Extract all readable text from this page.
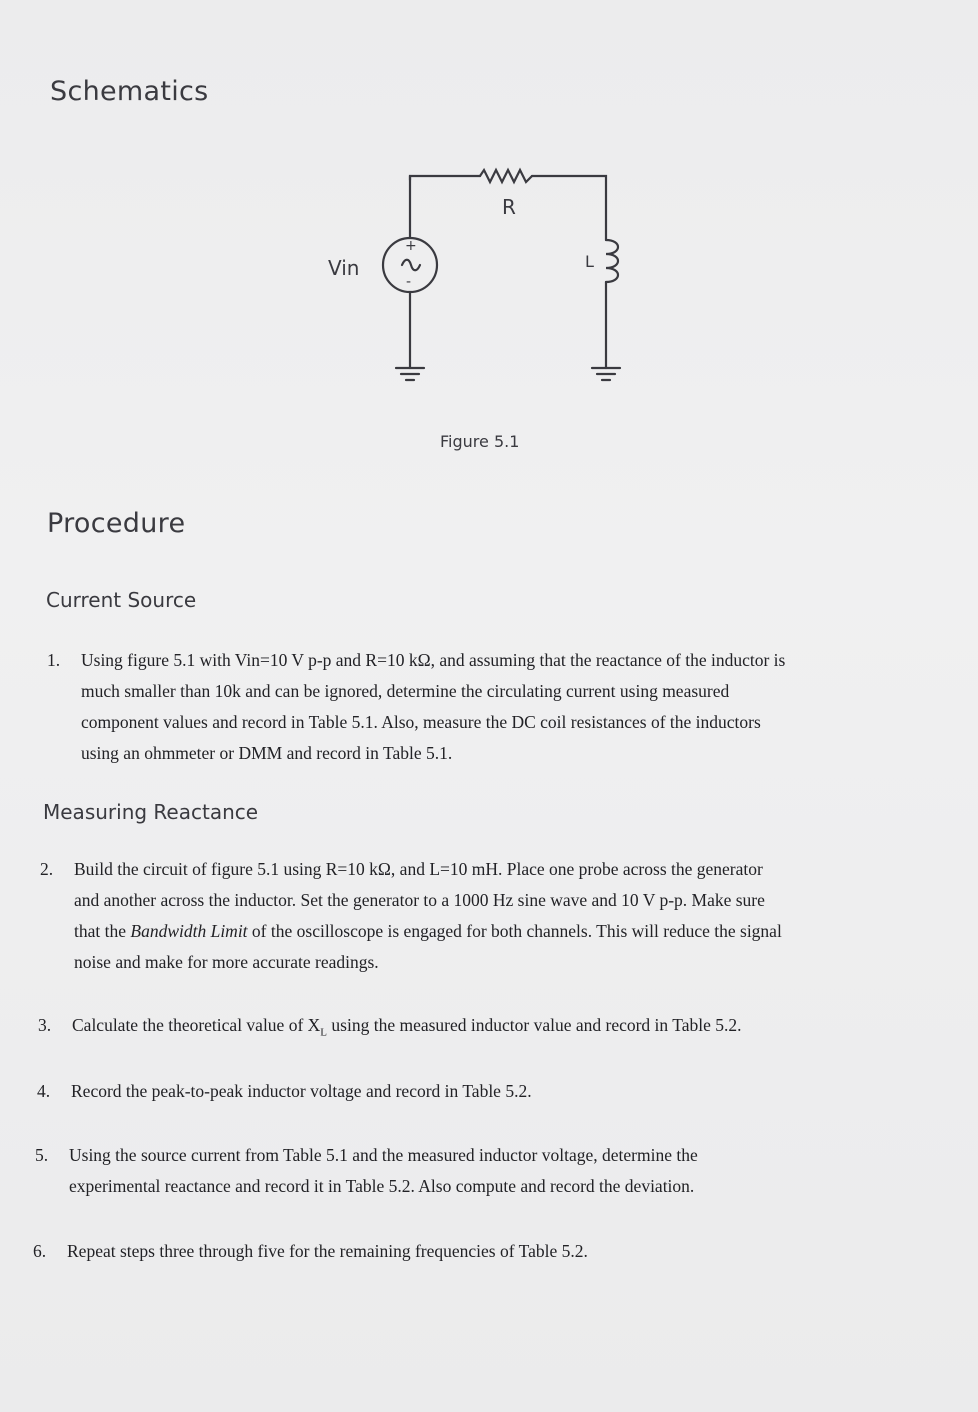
Schematics
+
-
Vin
R
L
Figure 5.1
Procedure
Current Source
1.	Using figure 5.1 with Vin=10 V p-p and R=10 kΩ, and assuming that the reactance of the inductor is
much smaller than 10k and can be ignored, determine the circulating current using measured
component values and record in Table 5.1. Also, measure the DC coil resistances of the inductors
using an ohmmeter or DMM and record in Table 5.1.
Measuring Reactance
2.	Build the circuit of figure 5.1 using R=10 kΩ, and L=10 mH. Place one probe across the generator
and another across the inductor. Set the generator to a 1000 Hz sine wave and 10 V p-p. Make sure
that the Bandwidth Limit of the oscilloscope is engaged for both channels. This will reduce the signal
noise and make for more accurate readings.
3.	Calculate the theoretical value of $X_L$ using the measured inductor value and record in Table 5.2.
4.	Record the peak-to-peak inductor voltage and record in Table 5.2.
5.	Using the source current from Table 5.1 and the measured inductor voltage, determine the
experimental reactance and record it in Table 5.2. Also compute and record the deviation.
6.	Repeat steps three through five for the remaining frequencies of Table 5.2.
